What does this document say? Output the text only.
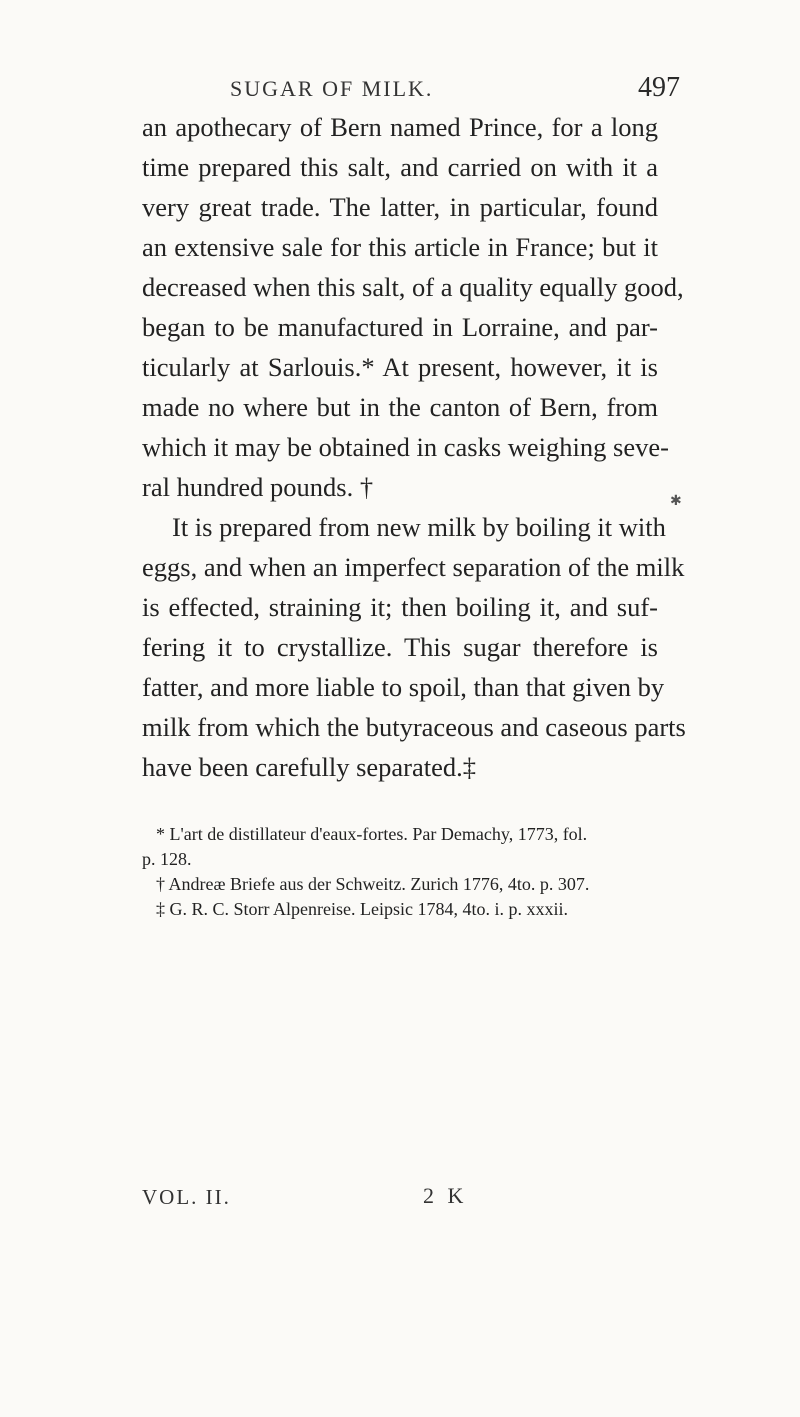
SUGAR OF MILK.	497
an apothecary of Bern named Prince, for a long
time prepared this salt, and carried on with it a
very great trade. The latter, in particular, found
an extensive sale for this article in France; but it
decreased when this salt, of a quality equally good,
began to be manufactured in Lorraine, and par-
ticularly at Sarlouis.* At present, however, it is
made no where but in the canton of Bern, from
which it may be obtained in casks weighing seve-
ral hundred pounds. †
It is prepared from new milk by boiling it with
eggs, and when an imperfect separation of the milk
is effected, straining it; then boiling it, and suf-
fering it to crystallize. This sugar therefore is
fatter, and more liable to spoil, than that given by
milk from which the butyraceous and caseous parts
have been carefully separated.‡
* L'art de distillateur d'eaux-fortes. Par Demachy, 1773, fol.
p. 128.
† Andreæ Briefe aus der Schweitz. Zurich 1776, 4to. p. 307.
‡ G. R. C. Storr Alpenreise. Leipsic 1784, 4to. i. p. xxxii.
✱
VOL. II.	2 K
